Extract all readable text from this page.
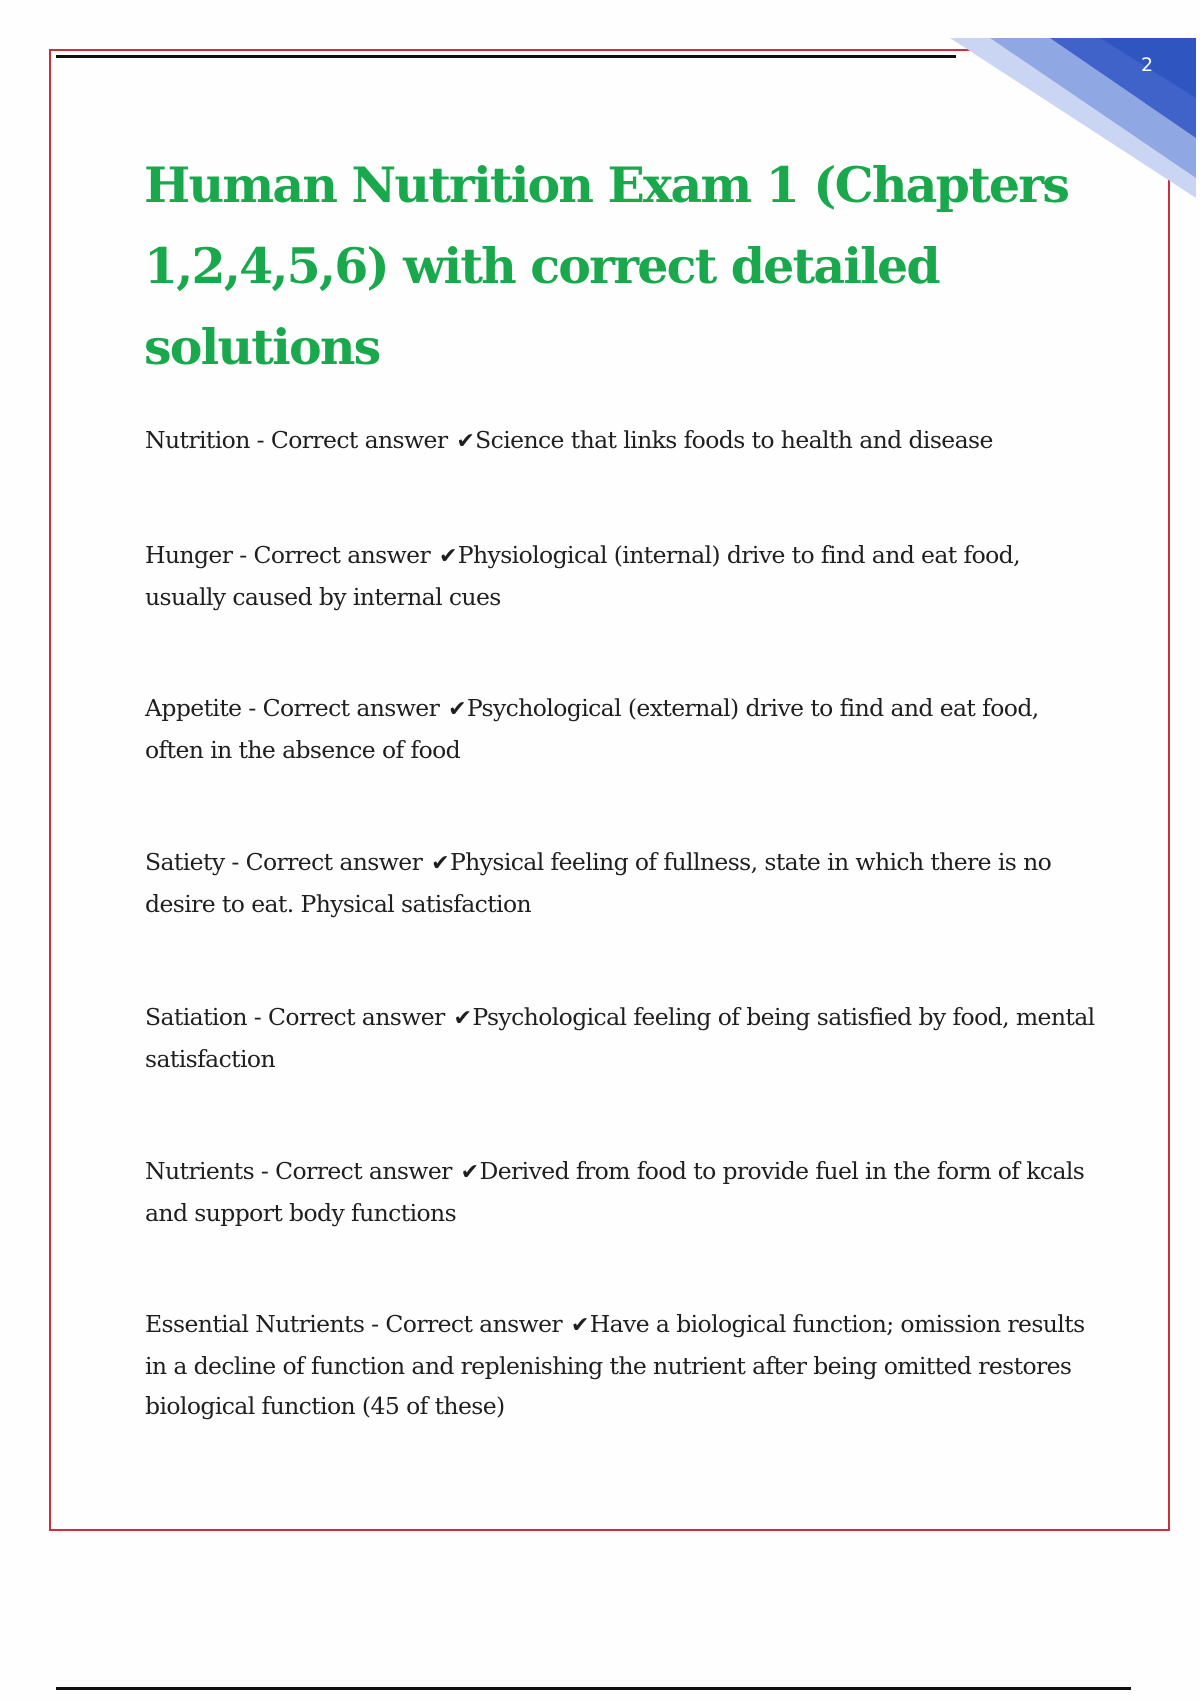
2
Human Nutrition Exam 1 (Chapters 1,2,4,5,6) with correct detailed solutions

Nutrition - Correct answer ✔Science that links foods to health and disease

Hunger - Correct answer ✔Physiological (internal) drive to find and eat food, usually caused by internal cues

Appetite - Correct answer ✔Psychological (external) drive to find and eat food, often in the absence of food

Satiety - Correct answer ✔Physical feeling of fullness, state in which there is no desire to eat. Physical satisfaction

Satiation - Correct answer ✔Psychological feeling of being satisfied by food, mental satisfaction

Nutrients - Correct answer ✔Derived from food to provide fuel in the form of kcals and support body functions

Essential Nutrients - Correct answer ✔Have a biological function; omission results in a decline of function and replenishing the nutrient after being omitted restores biological function (45 of these)
